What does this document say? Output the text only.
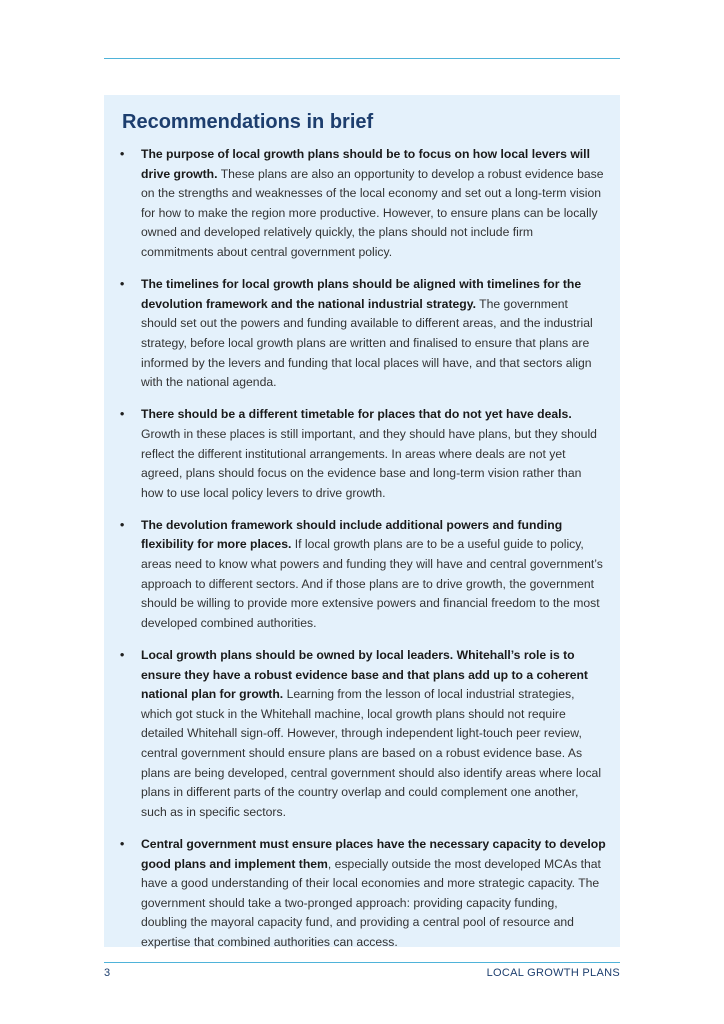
Recommendations in brief
• The purpose of local growth plans should be to focus on how local levers will drive growth. These plans are also an opportunity to develop a robust evidence base on the strengths and weaknesses of the local economy and set out a long-term vision for how to make the region more productive. However, to ensure plans can be locally owned and developed relatively quickly, the plans should not include firm commitments about central government policy.
• The timelines for local growth plans should be aligned with timelines for the devolution framework and the national industrial strategy. The government should set out the powers and funding available to different areas, and the industrial strategy, before local growth plans are written and finalised to ensure that plans are informed by the levers and funding that local places will have, and that sectors align with the national agenda.
• There should be a different timetable for places that do not yet have deals. Growth in these places is still important, and they should have plans, but they should reflect the different institutional arrangements. In areas where deals are not yet agreed, plans should focus on the evidence base and long-term vision rather than how to use local policy levers to drive growth.
• The devolution framework should include additional powers and funding flexibility for more places. If local growth plans are to be a useful guide to policy, areas need to know what powers and funding they will have and central government’s approach to different sectors. And if those plans are to drive growth, the government should be willing to provide more extensive powers and financial freedom to the most developed combined authorities.
• Local growth plans should be owned by local leaders. Whitehall’s role is to ensure they have a robust evidence base and that plans add up to a coherent national plan for growth. Learning from the lesson of local industrial strategies, which got stuck in the Whitehall machine, local growth plans should not require detailed Whitehall sign-off. However, through independent light-touch peer review, central government should ensure plans are based on a robust evidence base. As plans are being developed, central government should also identify areas where local plans in different parts of the country overlap and could complement one another, such as in specific sectors.
• Central government must ensure places have the necessary capacity to develop good plans and implement them, especially outside the most developed MCAs that have a good understanding of their local economies and more strategic capacity. The government should take a two-pronged approach: providing capacity funding, doubling the mayoral capacity fund, and providing a central pool of resource and expertise that combined authorities can access.
3	LOCAL GROWTH PLANS
